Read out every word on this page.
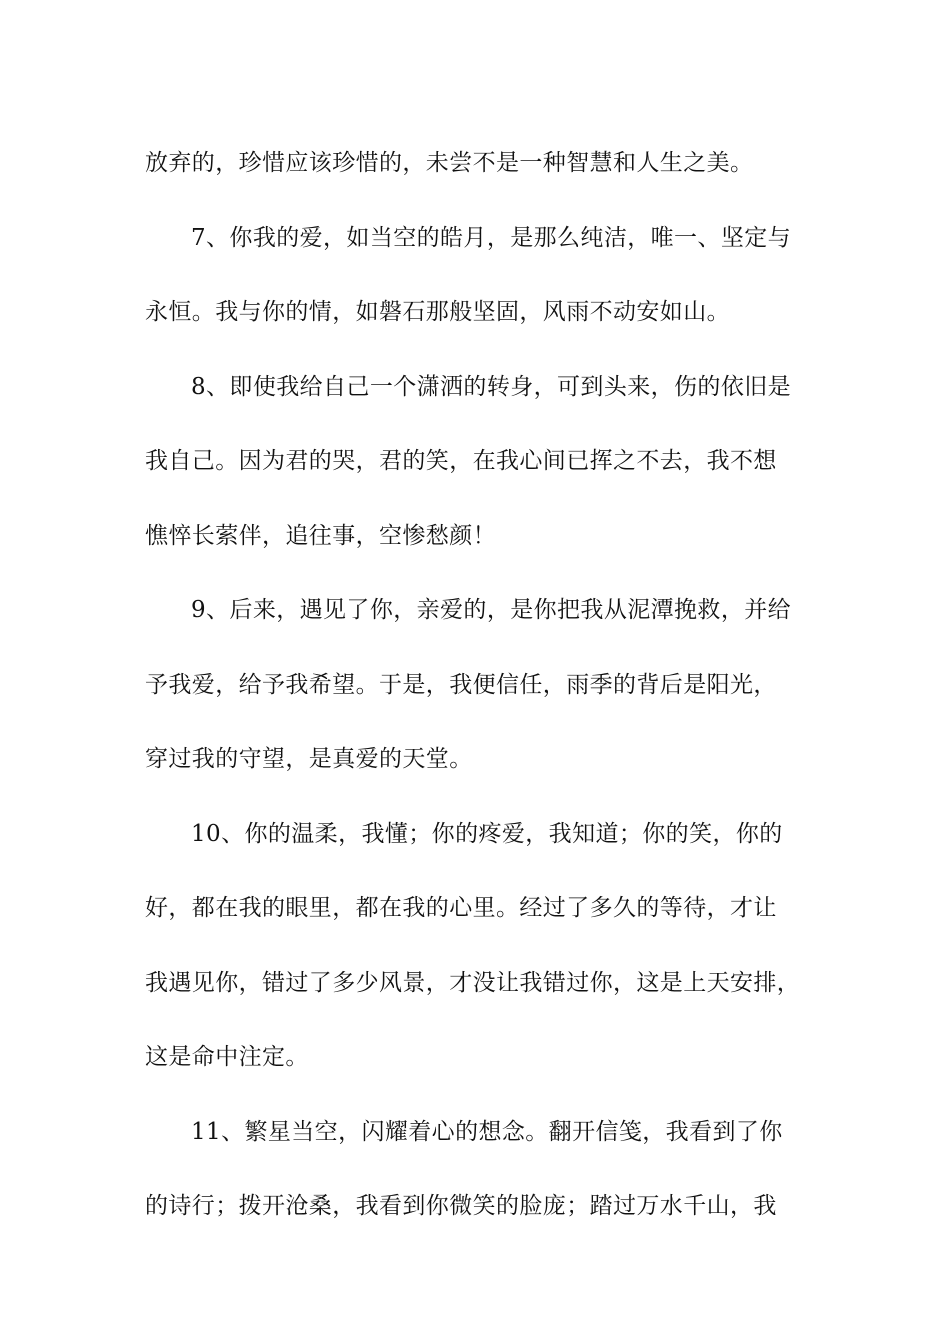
放弃的，珍惜应该珍惜的，未尝不是一种智慧和人生之美。
7、你我的爱，如当空的皓月，是那么纯洁，唯一、坚定与
永恒。我与你的情，如磐石那般坚固，风雨不动安如山。
8、即使我给自己一个潇洒的转身，可到头来，伤的依旧是
我自己。因为君的哭，君的笑，在我心间已挥之不去，我不想
憔悴长萦伴，追往事，空惨愁颜！
9、后来，遇见了你，亲爱的，是你把我从泥潭挽救，并给
予我爱，给予我希望。于是，我便信任，雨季的背后是阳光，
穿过我的守望，是真爱的天堂。
10、你的温柔，我懂；你的疼爱，我知道；你的笑，你的
好，都在我的眼里，都在我的心里。经过了多久的等待，才让
我遇见你，错过了多少风景，才没让我错过你，这是上天安排，
这是命中注定。
11、繁星当空，闪耀着心的想念。翻开信笺，我看到了你
的诗行；拨开沧桑，我看到你微笑的脸庞；踏过万水千山，我
